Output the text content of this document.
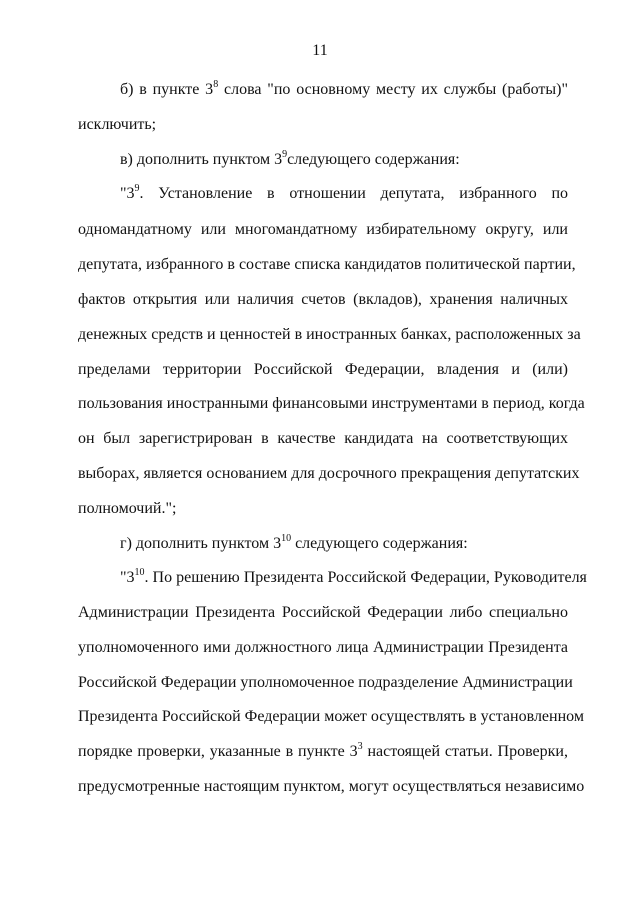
11
б) в пункте $3^8$ слова "по основному месту их службы (работы)"
исключить;
в) дополнить пунктом $3^9следующего$ содержания:
"$3^9$. Установление в отношении депутата, избранного по
одномандатному или многомандатному избирательному округу, или
депутата, избранного в составе списка кандидатов политической партии,
фактов открытия или наличия счетов (вкладов), хранения наличных
денежных средств и ценностей в иностранных банках, расположенных за
пределами территории Российской Федерации, владения и (или)
пользования иностранными финансовыми инструментами в период, когда
он был зарегистрирован в качестве кандидата на соответствующих
выборах, является основанием для досрочного прекращения депутатских
полномочий.";
г) дополнить пунктом $3^{10}$ следующего содержания:
"$3^{10}$. По решению Президента Российской Федерации, Руководителя
Администрации Президента Российской Федерации либо специально
уполномоченного ими должностного лица Администрации Президента
Российской Федерации уполномоченное подразделение Администрации
Президента Российской Федерации может осуществлять в установленном
порядке проверки, указанные в пункте $3^3$ настоящей статьи. Проверки,
предусмотренные настоящим пунктом, могут осуществляться независимо
